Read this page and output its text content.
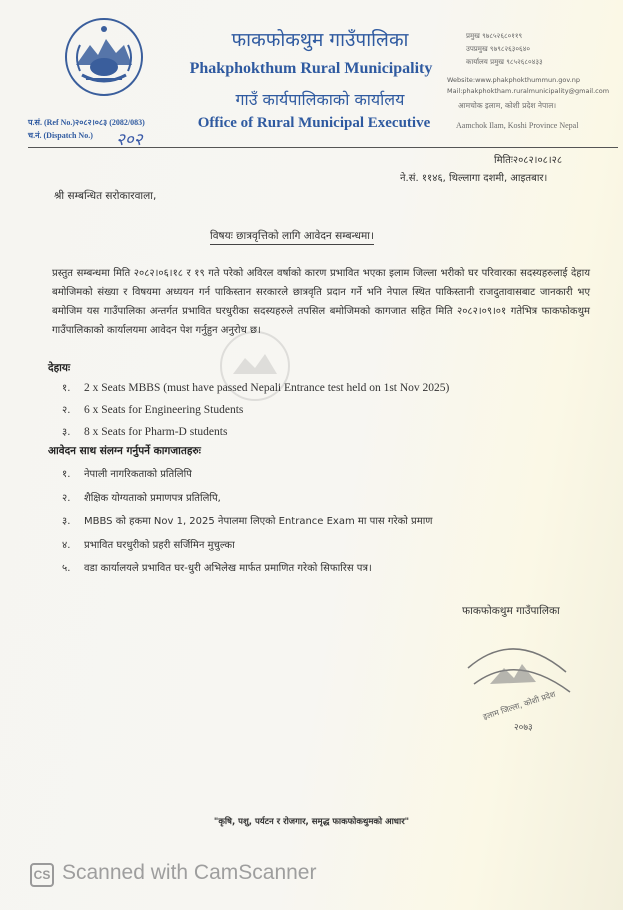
फाकफोकथुम गाउँपालिका
Phakphokthum Rural Municipality
गाउँ कार्यपालिकाको कार्यालय
Office of Rural Municipal Executive
प्रमुख ९७८५२६८०११९
उपप्रमुख ९७९८२६३०६४०
कार्यालय प्रमुख ९८५२६८०४३३
Website:www.phakphokthummun.gov.np
Mail:phakphoktham.ruralmunicipality@gmail.com
आमचोक इलाम, कोशी प्रदेश नेपाल।
Aamchok Ilam, Koshi Province Nepal
प.सं. (Ref No.)२०८२।०८३ (2082/083)
च.नं. (Dispatch No.) २०२
मितिः२०८२।०८।२८
ने.सं. ११४६, थिल्लागा दशमी, आइतबार।
श्री सम्बन्धित सरोकारवाला,
विषयः छात्रवृत्तिको लागि आवेदन सम्बन्धमा।
प्रस्तुत सम्बन्धमा मिति २०८२।०६।१८ र १९ गते परेको अविरल वर्षाको कारण प्रभावित भएका इलाम जिल्ला भरीको घर परिवारका सदस्यहरुलाई देहाय बमोजिमको संख्या र विषयमा अध्ययन गर्न पाकिस्तान सरकारले छात्रवृति प्रदान गर्ने भनि नेपाल स्थित पाकिस्तानी राजदुतावासबाट जानकारी भए बमोजिम यस गाउँपालिका अन्तर्गत प्रभावित घरधुरीका सदस्यहरुले तपसिल बमोजिमको कागजात सहित मिति २०८२।०९।०१ गतेभित्र फाकफोकथुम गाउँपालिकाको कार्यालयमा आवेदन पेश गर्नुहुन अनुरोध छ।
देहायः
१. 2 x Seats MBBS (must have passed Nepali Entrance test held on 1st Nov 2025)
२. 6 x Seats for Engineering Students
३. 8 x Seats for Pharm-D students
आवेदन साथ संलग्न गर्नुपर्ने कागजातहरुः
१. नेपाली नागरिकताको प्रतिलिपि
२. शैक्षिक योग्यताको प्रमाणपत्र प्रतिलिपि,
३. MBBS को हकमा Nov 1, 2025 नेपालमा लिएको Entrance Exam मा पास गरेको प्रमाण
४. प्रभावित घरधुरीको प्रहरी सर्जिमिन मुचुल्का
५. वडा कार्यालयले प्रभावित घर-धुरी अभिलेख मार्फत प्रमाणित गरेको सिफारिस पत्र।
फाकफोकथुम गाउँपालिका
इलाम जिल्ला, कोशी प्रदेश
२०७३
"कृषि, पशु, पर्यटन र रोजगार, समृद्ध फाकफोकथुमको आधार"
CS Scanned with CamScanner
